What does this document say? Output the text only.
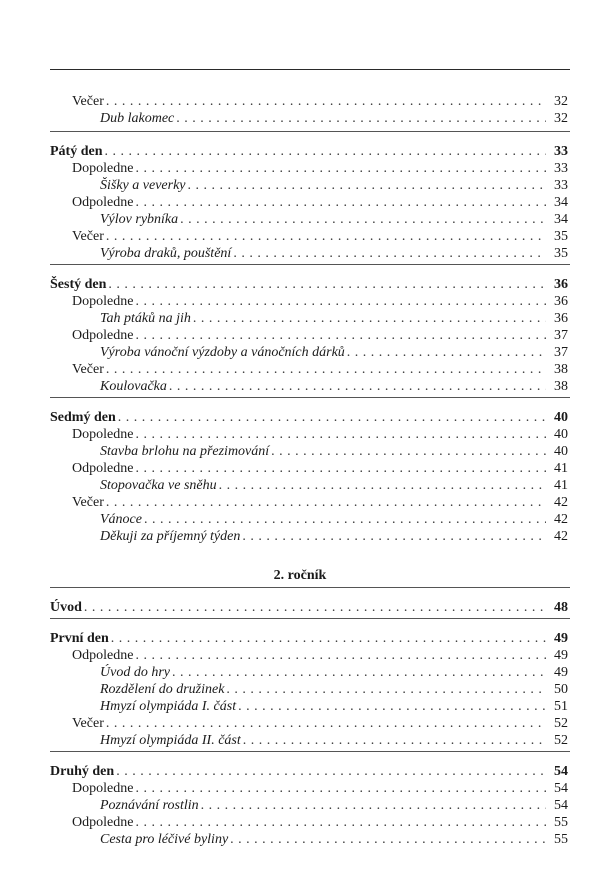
Večer . . .	32
Dub lakomec . . .	32
Pátý den . . .	33
Dopoledne . . .	33
Šišky a veverky . . .	33
Odpoledne . . .	34
Výlov rybníka . . .	34
Večer . . .	35
Výroba draků, pouštění . . .	35
Šestý den . . .	36
Dopoledne . . .	36
Tah ptáků na jih . . .	36
Odpoledne . . .	37
Výroba vánoční výzdoby a vánočních dárků . . .	37
Večer . . .	38
Koulovačka . . .	38
Sedmý den . . .	40
Dopoledne . . .	40
Stavba brlohu na přezimování . . .	40
Odpoledne . . .	41
Stopovačka ve sněhu . . .	41
Večer . . .	42
Vánoce . . .	42
Děkuji za příjemný týden . . .	42
Úvod . . .	48
První den . . .	49
Odpoledne . . .	49
Úvod do hry . . .	49
Rozdělení do družinek . . .	50
Hmyzí olympiáda I. část . . .	51
Večer . . .	52
Hmyzí olympiáda II. část . . .	52
Druhý den . . .	54
Dopoledne . . .	54
Poznávání rostlin . . .	54
Odpoledne . . .	55
Cesta pro léčivé byliny . . .	55
2. ročník
